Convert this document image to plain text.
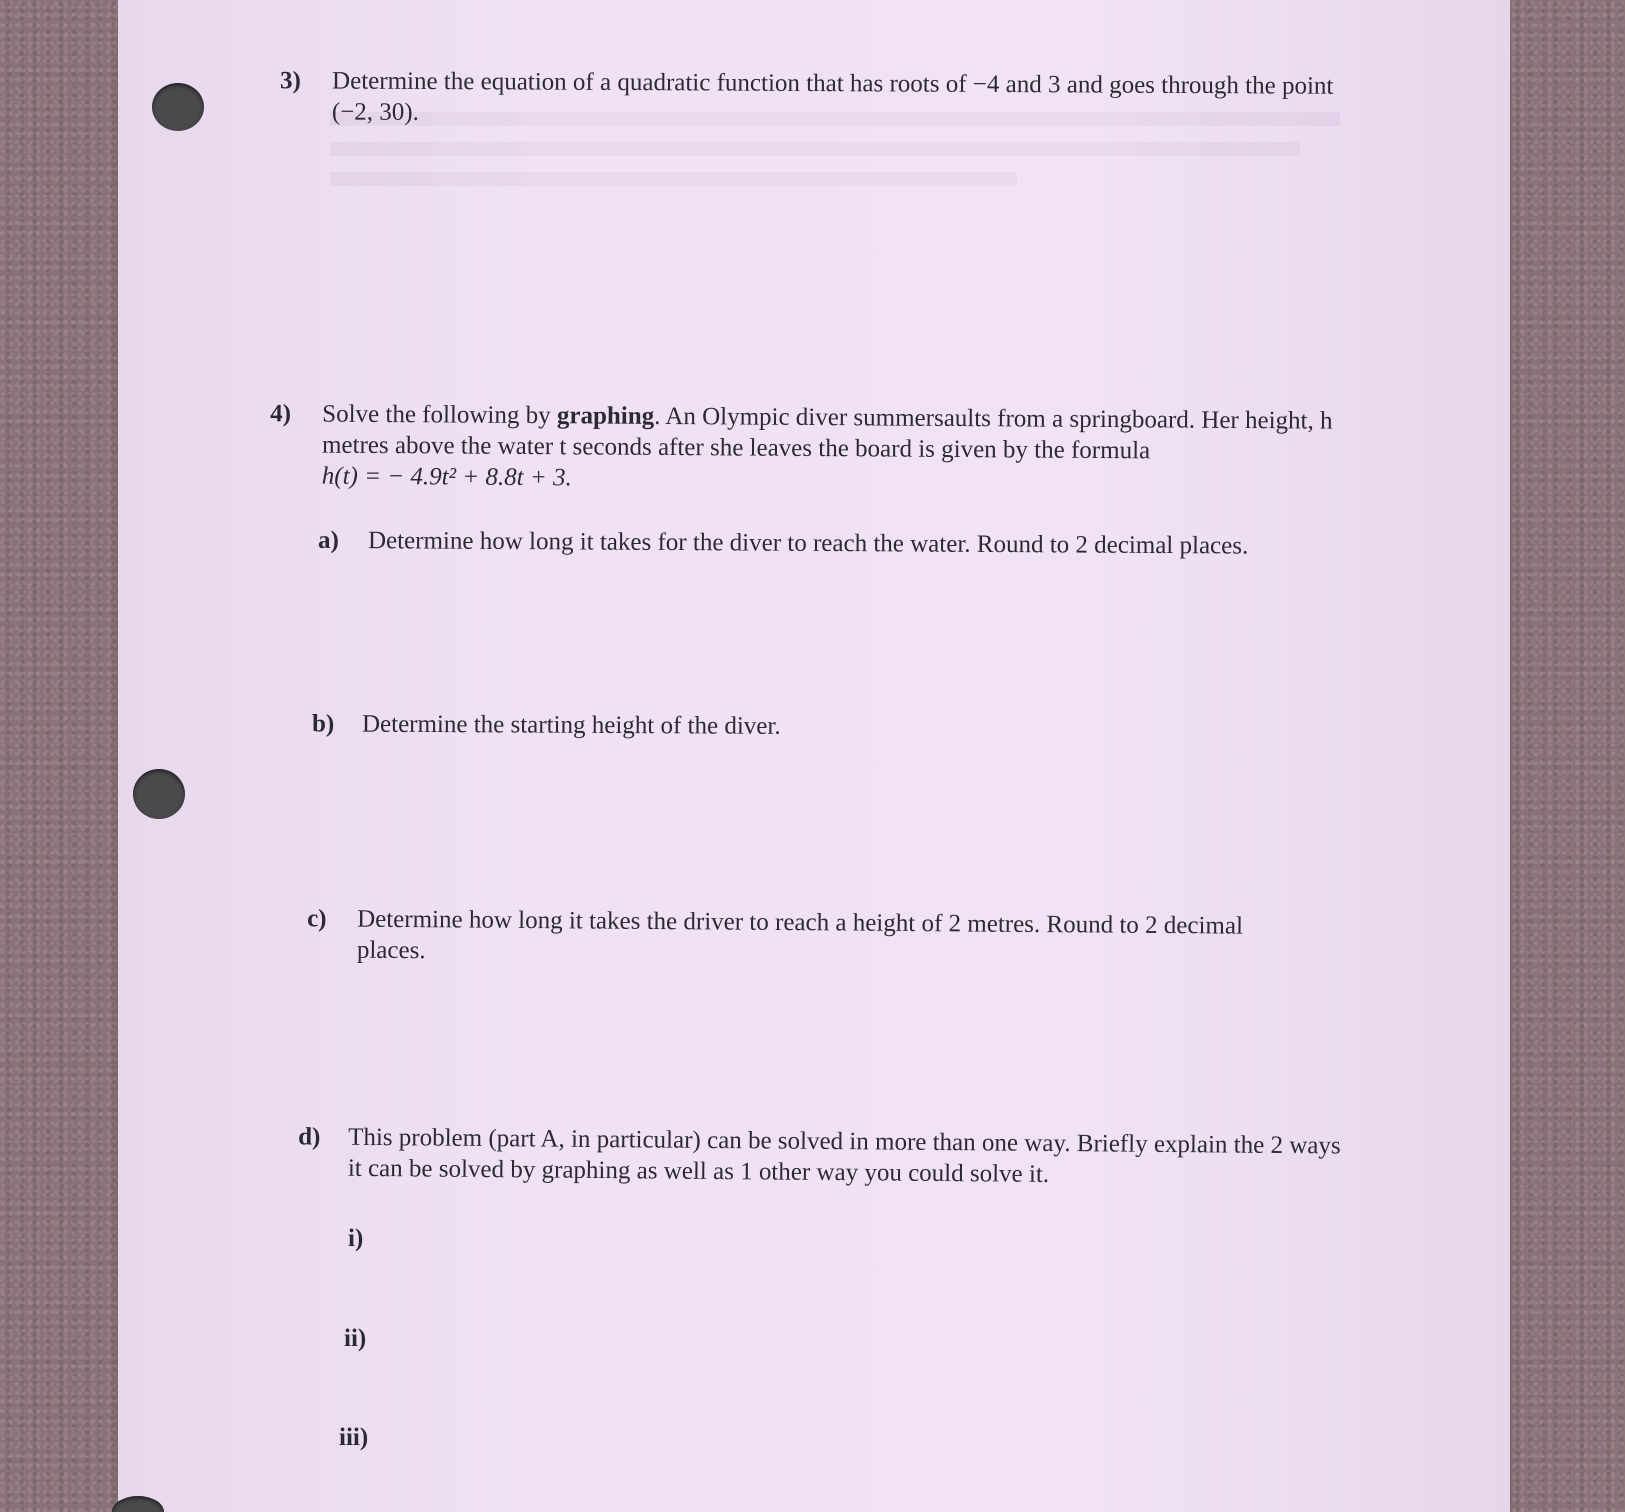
3) Determine the equation of a quadratic function that has roots of −4 and 3 and goes through the point (−2, 30).
4) Solve the following by graphing. An Olympic diver summersaults from a springboard. Her height, h metres above the water t seconds after she leaves the board is given by the formula
h(t) = − 4.9t² + 8.8t + 3.
a) Determine how long it takes for the diver to reach the water. Round to 2 decimal places.
b) Determine the starting height of the diver.
c) Determine how long it takes the driver to reach a height of 2 metres. Round to 2 decimal places.
d) This problem (part A, in particular) can be solved in more than one way. Briefly explain the 2 ways it can be solved by graphing as well as 1 other way you could solve it.
i)
ii)
iii)
